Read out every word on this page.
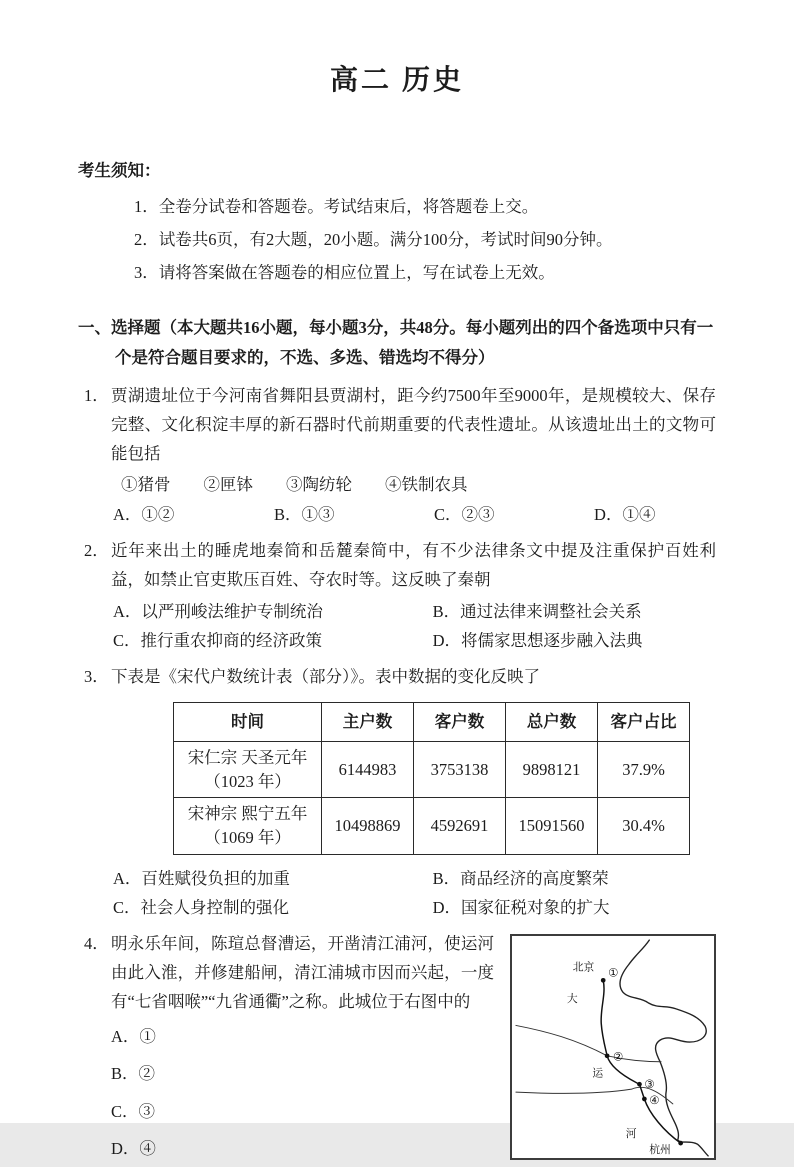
高二 历史
考生须知：
1．全卷分试卷和答题卷。考试结束后，将答题卷上交。
2．试卷共6页，有2大题，20小题。满分100分，考试时间90分钟。
3．请将答案做在答题卷的相应位置上，写在试卷上无效。
一、选择题（本大题共16小题，每小题3分，共48分。每小题列出的四个备选项中只有一个是符合题目要求的，不选、多选、错选均不得分）
1． 贾湖遗址位于今河南省舞阳县贾湖村，距今约7500年至9000年，是规模较大、保存完整、文化积淀丰厚的新石器时代前期重要的代表性遗址。从该遗址出土的文物可能包括
①猪骨　　②匣钵　　③陶纺轮　　④铁制农具
A．①②	B．①③	C．②③	D．①④
2． 近年来出土的睡虎地秦简和岳麓秦简中，有不少法律条文中提及注重保护百姓利益，如禁止官吏欺压百姓、夺农时等。这反映了秦朝
A．以严刑峻法维护专制统治	B．通过法律来调整社会关系
C．推行重农抑商的经济政策	D．将儒家思想逐步融入法典
3． 下表是《宋代户数统计表（部分）》。表中数据的变化反映了
时间	主户数	客户数	总户数	客户占比

宋仁宗 天圣元年
（1023 年）	6144983	3753138	9898121	37.9%

宋神宗 熙宁五年
（1069 年）	10498869	4592691	15091560	30.4%
A．百姓赋役负担的加重	B．商品经济的高度繁荣
C．社会人身控制的强化	D．国家征税对象的扩大
4． 明永乐年间，陈瑄总督漕运，开凿清江浦河，使运河由此入淮，并修建船闸，清江浦城市因而兴起，一度有“七省咽喉”“九省通衢”之称。此城位于右图中的
A．①
B．②
C．③
D．④
北京 ①
大
②
运
③
④
河
杭州
